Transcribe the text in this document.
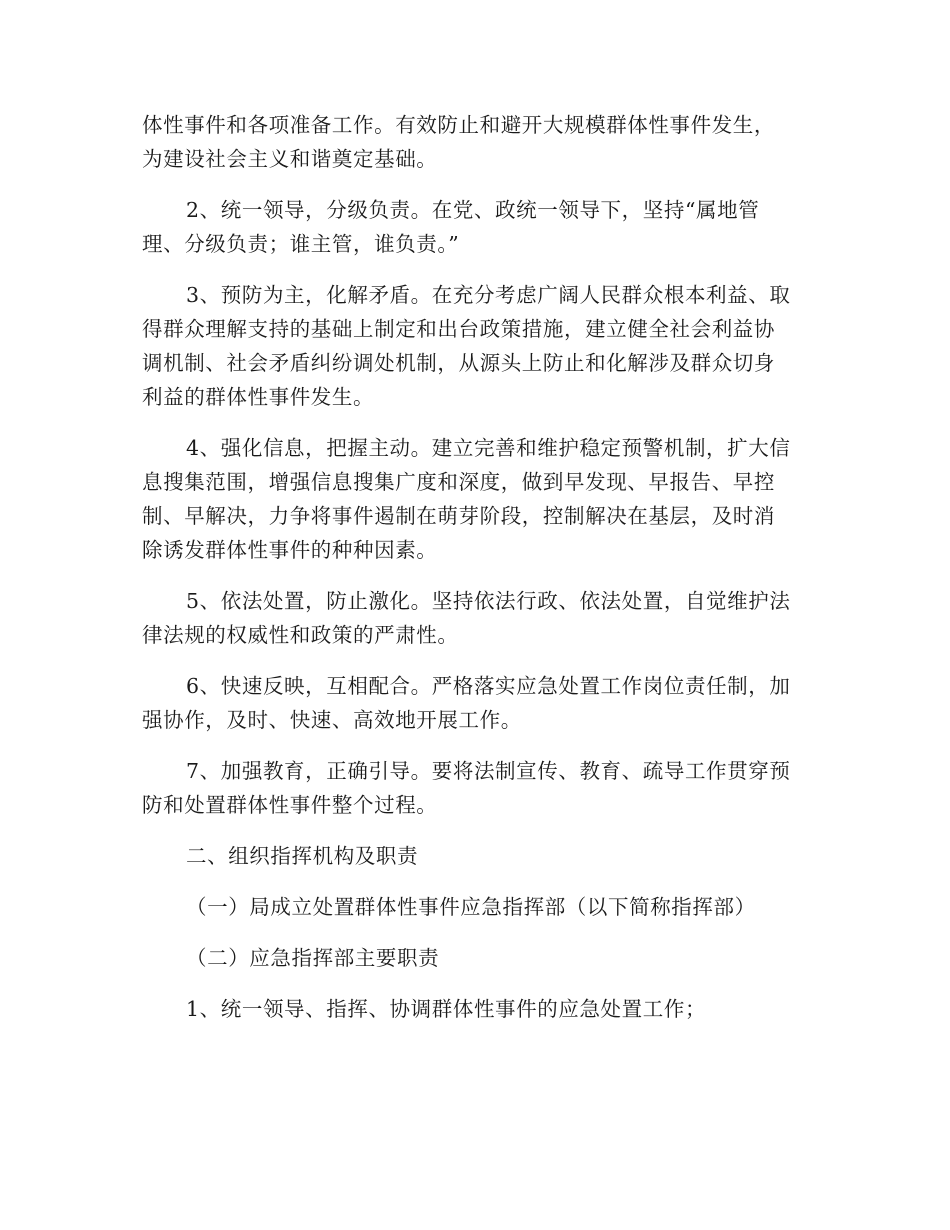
体性事件和各项准备工作。有效防止和避开大规模群体性事件发生，
为建设社会主义和谐奠定基础。

2、统一领导，分级负责。在党、政统一领导下，坚持“属地管
理、分级负责；谁主管，谁负责。”

3、预防为主，化解矛盾。在充分考虑广阔人民群众根本利益、取
得群众理解支持的基础上制定和出台政策措施，建立健全社会利益协
调机制、社会矛盾纠纷调处机制，从源头上防止和化解涉及群众切身
利益的群体性事件发生。

4、强化信息，把握主动。建立完善和维护稳定预警机制，扩大信
息搜集范围，增强信息搜集广度和深度，做到早发现、早报告、早控
制、早解决，力争将事件遏制在萌芽阶段，控制解决在基层，及时消
除诱发群体性事件的种种因素。

5、依法处置，防止激化。坚持依法行政、依法处置，自觉维护法
律法规的权威性和政策的严肃性。

6、快速反映，互相配合。严格落实应急处置工作岗位责任制，加
强协作，及时、快速、高效地开展工作。

7、加强教育，正确引导。要将法制宣传、教育、疏导工作贯穿预
防和处置群体性事件整个过程。

二、组织指挥机构及职责

（一）局成立处置群体性事件应急指挥部（以下简称指挥部）

（二）应急指挥部主要职责

1、统一领导、指挥、协调群体性事件的应急处置工作；
